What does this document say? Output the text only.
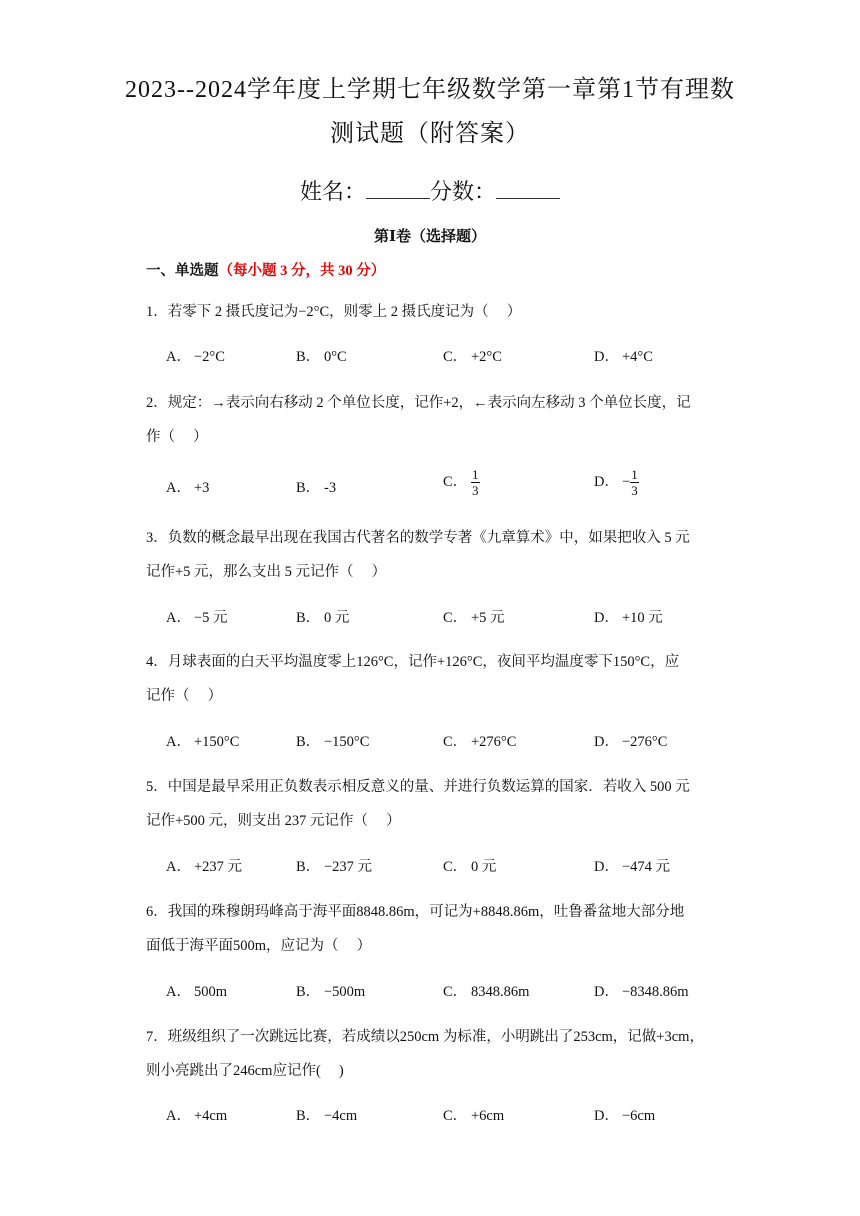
2023--2024学年度上学期七年级数学第一章第1节有理数
测试题（附答案）
姓名：	分数：
第Ⅰ卷（选择题）
一、单选题（每小题 3 分，共 30 分）
1．若零下 2 摄氏度记为−2°C，则零上 2 摄氏度记为（　 ）
A． −2°C	B． 0°C	C． +2°C	D． +4°C
2．规定：→表示向右移动 2 个单位长度，记作+2，←表示向左移动 3 个单位长度，记
作（　 ）
A． +3	B． -3	C． $\frac{1}{3}$	D． − $\frac{1}{3}$
3．负数的概念最早出现在我国古代著名的数学专著《九章算术》中，如果把收入 5 元
记作+5 元，那么支出 5 元记作（　 ）
A． −5 元	B． 0 元	C． +5 元	D． +10 元
4．月球表面的白天平均温度零上126°C，记作+126°C，夜间平均温度零下150°C，应
记作（　 ）
A． +150°C	B． −150°C	C． +276°C	D． −276°C
5．中国是最早采用正负数表示相反意义的量、并进行负数运算的国家．若收入 500 元
记作+500 元，则支出 237 元记作（　 ）
A． +237 元	B． −237 元	C． 0 元	D． −474 元
6．我国的珠穆朗玛峰高于海平面8848.86m，可记为+8848.86m，吐鲁番盆地大部分地
面低于海平面500m，应记为（　 ）
A． 500m	B． −500m	C． 8348.86m	D． −8348.86m
7．班级组织了一次跳远比赛，若成绩以250cm 为标准，小明跳出了253cm，记做+3cm，
则小亮跳出了246cm应记作(　 )
A． +4cm	B． −4cm	C． +6cm	D． −6cm
